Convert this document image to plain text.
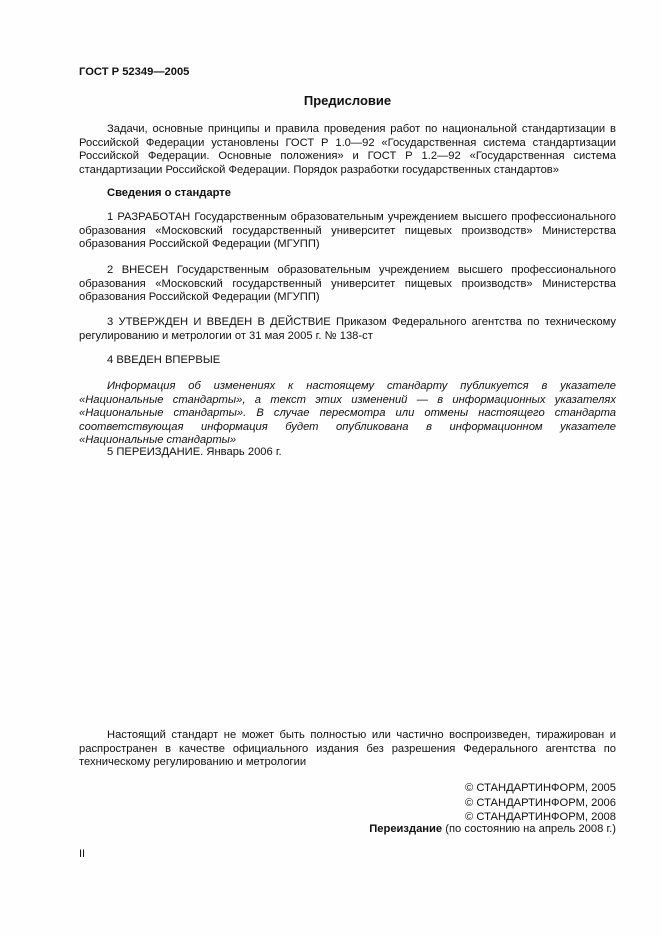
ГОСТ Р 52349—2005
Предисловие

Задачи, основные принципы и правила проведения работ по национальной стандартизации в Российской Федерации установлены ГОСТ Р 1.0—92 «Государственная система стандартизации Российской Федерации. Основные положения» и ГОСТ Р 1.2—92 «Государственная система стандартизации Российской Федерации. Порядок разработки государственных стандартов»

Сведения о стандарте

1 РАЗРАБОТАН Государственным образовательным учреждением высшего профессионального образования «Московский государственный университет пищевых производств» Министерства образования Российской Федерации (МГУПП)

2 ВНЕСЕН Государственным образовательным учреждением высшего профессионального образования «Московский государственный университет пищевых производств» Министерства образования Российской Федерации (МГУПП)

3 УТВЕРЖДЕН И ВВЕДЕН В ДЕЙСТВИЕ Приказом Федерального агентства по техническому регулированию и метрологии от 31 мая 2005 г. № 138-ст

4 ВВЕДЕН ВПЕРВЫЕ

Информация об изменениях к настоящему стандарту публикуется в указателе «Национальные стандарты», а текст этих изменений — в информационных указателях «Национальные стандарты». В случае пересмотра или отмены настоящего стандарта соответствующая информация будет опубликована в информационном указателе «Национальные стандарты»

5 ПЕРЕИЗДАНИЕ. Январь 2006 г.

Настоящий стандарт не может быть полностью или частично воспроизведен, тиражирован и распространен в качестве официального издания без разрешения Федерального агентства по техническому регулированию и метрологии

© СТАНДАРТИНФОРМ, 2005
© СТАНДАРТИНФОРМ, 2006
© СТАНДАРТИНФОРМ, 2008
Переиздание (по состоянию на апрель 2008 г.)
II
